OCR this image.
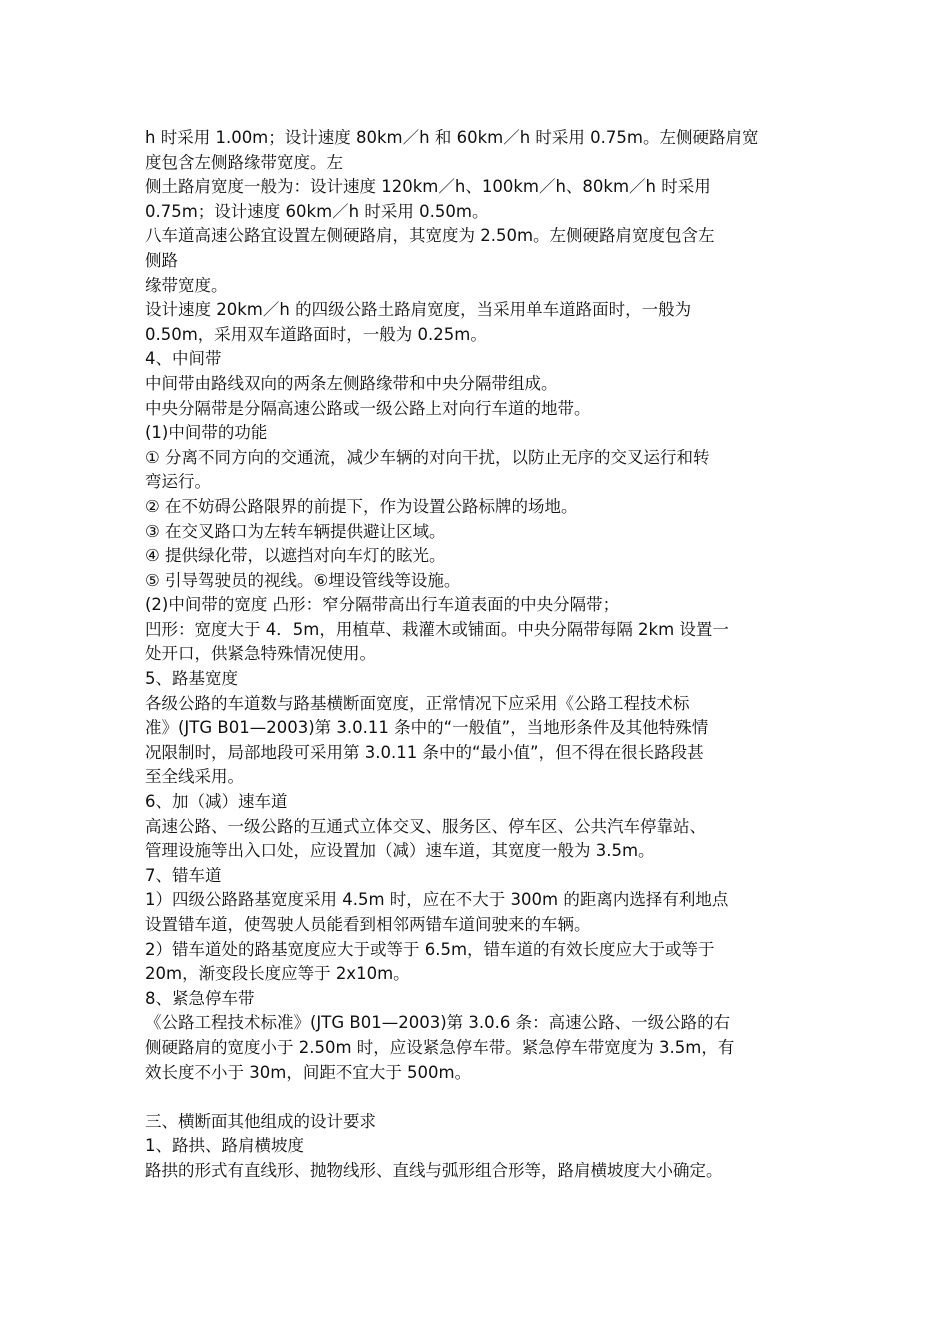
h 时采用 1.00m；设计速度 80km／h 和 60km／h 时采用 0.75m。左侧硬路肩宽

度包含左侧路缘带宽度。左

侧土路肩宽度一般为：设计速度 120km／h、100km／h、80km／h 时采用

0.75m；设计速度 60km／h 时采用 0.50m。

八车道高速公路宜设置左侧硬路肩，其宽度为 2.50m。左侧硬路肩宽度包含左

侧路

缘带宽度。

设计速度 20km／h 的四级公路土路肩宽度，当采用单车道路面时，一般为

0.50m，采用双车道路面时，一般为 0.25m。

4、中间带

中间带由路线双向的两条左侧路缘带和中央分隔带组成。

中央分隔带是分隔高速公路或一级公路上对向行车道的地带。

(1)中间带的功能

① 分离不同方向的交通流，减少车辆的对向干扰，以防止无序的交叉运行和转

弯运行。

② 在不妨碍公路限界的前提下，作为设置公路标牌的场地。

③ 在交叉路口为左转车辆提供避让区域。

④ 提供绿化带，以遮挡对向车灯的眩光。

⑤ 引导驾驶员的视线。⑥埋设管线等设施。

(2)中间带的宽度 凸形：窄分隔带高出行车道表面的中央分隔带；

凹形：宽度大于 4．5m，用植草、栽灌木或铺面。中央分隔带每隔 2km 设置一

处开口，供紧急特殊情况使用。

5、路基宽度

各级公路的车道数与路基横断面宽度，正常情况下应采用《公路工程技术标

准》(JTG B01—2003)第 3.0.11 条中的“一般值”，当地形条件及其他特殊情

况限制时，局部地段可采用第 3.0.11 条中的“最小值”，但不得在很长路段甚

至全线采用。

6、加（减）速车道

高速公路、一级公路的互通式立体交叉、服务区、停车区、公共汽车停靠站、

管理设施等出入口处，应设置加（减）速车道，其宽度一般为 3.5m。

7、错车道

1）四级公路路基宽度采用 4.5m 时，应在不大于 300m 的距离内选择有利地点

设置错车道，使驾驶人员能看到相邻两错车道间驶来的车辆。

2）错车道处的路基宽度应大于或等于 6.5m，错车道的有效长度应大于或等于

20m，渐变段长度应等于 2x10m。

8、紧急停车带

《公路工程技术标准》(JTG B01—2003)第 3.0.6 条：高速公路、一级公路的右

侧硬路肩的宽度小于 2.50m 时，应设紧急停车带。紧急停车带宽度为 3.5m，有

效长度不小于 30m，间距不宜大于 500m。

三、横断面其他组成的设计要求

1、路拱、路肩横坡度

路拱的形式有直线形、抛物线形、直线与弧形组合形等，路肩横坡度大小确定。
